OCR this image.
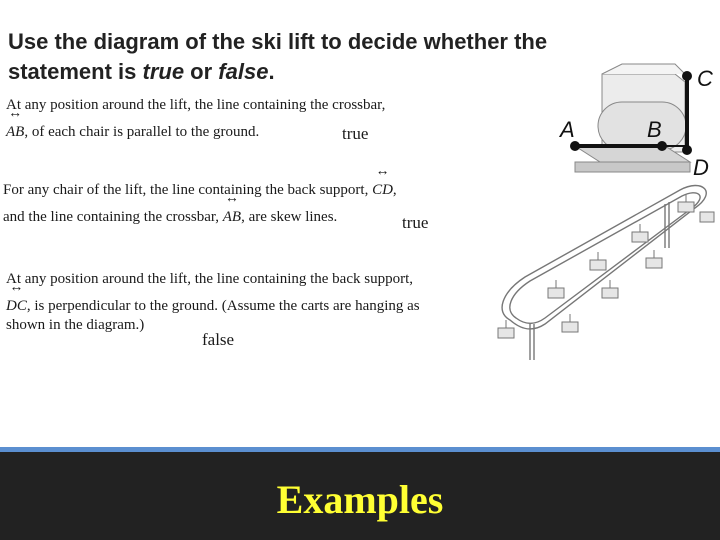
Use the diagram of the ski lift to decide whether the
statement is true or false.
At any position around the lift, the line containing the crossbar,
↔ AB, of each chair is parallel to the ground.	true
For any chair of the lift, the line containing the back support, ↔ CD,
and the line containing the crossbar, ↔ AB, are skew lines.	true
At any position around the lift, the line containing the back support,
↔ DC, is perpendicular to the ground. (Assume the carts are hanging as
shown in the diagram.)
false
A	B
C
D
Examples
